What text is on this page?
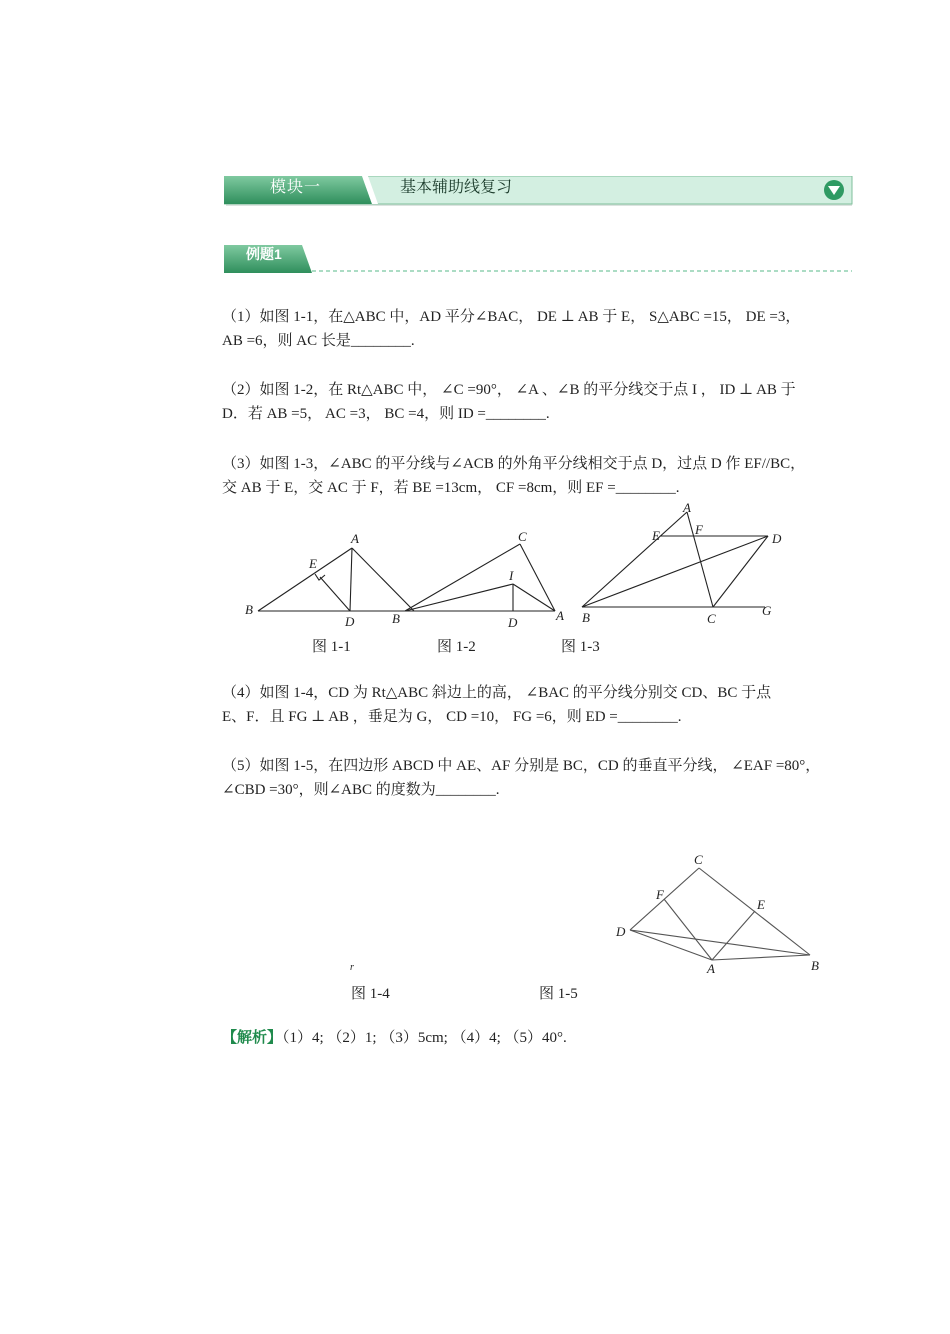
模块一	基本辅助线复习
例题1
（1）如图 1-1，在△ABC 中，AD 平分∠BAC， DE ⊥ AB 于 E， S△ABC =15， DE =3，
AB =6，则 AC 长是________.
（2）如图 1-2，在 Rt△ABC 中， ∠C =90°， ∠A 、∠B 的平分线交于点 I ， ID ⊥ AB 于
D．若 AB =5， AC =3， BC =4，则 ID =________.
（3）如图 1-3，∠ABC 的平分线与∠ACB 的外角平分线相交于点 D，过点 D 作 EF//BC，
交 AB 于 E，交 AC 于 F，若 BE =13cm， CF =8cm，则 EF =________.
A
E
B
D
C
I
B	D	A
A
E	F
D
B	C
G
图 1-1	图 1-2	图 1-3
（4）如图 1-4，CD 为 Rt△ABC 斜边上的高， ∠BAC 的平分线分别交 CD、BC 于点
E、F．且 FG ⊥ AB ，垂足为 G， CD =10， FG =6，则 ED =________.
（5）如图 1-5，在四边形 ABCD 中 AE、AF 分别是 BC，CD 的垂直平分线， ∠EAF =80°，
∠CBD =30°，则∠ABC 的度数为________.
C
F
E
D
A	B
r
图 1-4	图 1-5
【解析】（1）4; （2）1; （3）5cm; （4）4; （5）40°.
